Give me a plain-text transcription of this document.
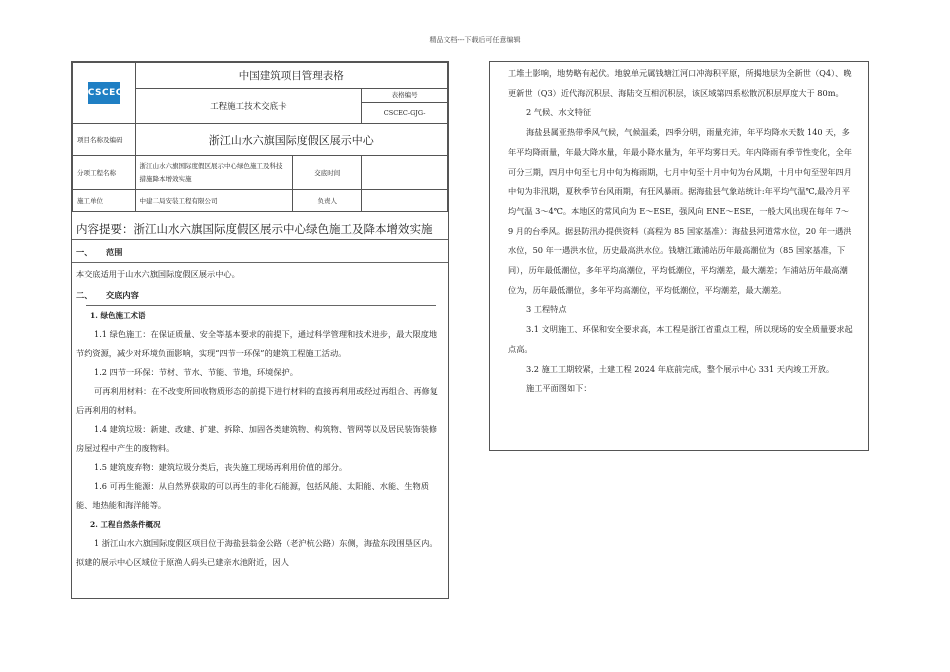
精品文档---下载后可任意编辑
CSCEC	中国建筑项目管理表格		
	工程施工技术交底卡		表格编号
CSCEC-GJG-

项目名称及编码	浙江山水六旗国际度假区展示中心		
分项工程名称	浙江山水六旗国际度假区展示中心绿色施工及科技措施降本增效实施	交底时间	
施工单位	中建二局安装工程有限公司	负责人	
内容提要：浙江山水六旗国际度假区展示中心绿色施工及降本增效实施
一、 范围
本交底适用于山水六旗国际度假区展示中心。
二、 交底内容
1. 绿色施工术语
1.1 绿色施工：在保证质量、安全等基本要求的前提下，通过科学管理和技术进步，最大限度地节约资源，减少对环境负面影响，实现“四节一环保”的建筑工程施工活动。
1.2 四节一环保：节材、节水、节能、节地，环境保护。
可再利用材料：在不改变所回收物质形态的前提下进行材料的直接再利用或经过再组合、再修复后再利用的材料。
1.4 建筑垃圾：新建、改建、扩建、拆除、加固各类建筑物、构筑物、管网等以及居民装饰装修房屋过程中产生的废物料。
1.5 建筑废弃物：建筑垃圾分类后，丧失施工现场再利用价值的部分。
1.6 可再生能源：从自然界获取的可以再生的非化石能源，包括风能、太阳能、水能、生物质能、地热能和海洋能等。
2. 工程自然条件概况
1 浙江山水六旗国际度假区项目位于海盐县翁金公路（老沪杭公路）东侧，海盐东段围垦区内。拟建的展示中心区域位于原渔人码头已建亲水池附近，因人
工堆土影响，地势略有起伏。地貌单元属钱塘江河口冲海积平原，所揭地层为全新世（Q4）、晚更新世（Q3）近代海沉积层、海陆交互相沉积层，该区域第四系松散沉积层厚度大于 80m。
2 气候、水文特征
海盐县属亚热带季风气候，气候温柔，四季分明，雨量充沛，年平均降水天数 140 天，多年平均降雨量，年最大降水量，年最小降水量为，年平均雾日天。年内降雨有季节性变化，全年可分三期，四月中旬至七月中旬为梅雨期，七月中旬至十月中旬为台风期，十月中旬至翌年四月中旬为非汛期，夏秋季节台风雨期，有狂风暴雨。据海盐县气象站统计:年平均气温℃,最冷月平均气温 3～4℃。本地区的常风向为 E～ESE，强风向 ENE～ESE，一般大风出现在每年 7～9 月的台季风。据县防汛办提供资料（高程为 85 国家基准）：海盐县河道常水位，20 年一遇洪水位，50 年一遇洪水位，历史最高洪水位。钱塘江澉浦站历年最高潮位为（85 国家基准，下同），历年最低潮位，多年平均高潮位，平均低潮位，平均潮差，最大潮差；乍浦站历年最高潮位为，历年最低潮位，多年平均高潮位，平均低潮位，平均潮差，最大潮差。
3 工程特点
3.1 文明施工、环保和安全要求高，本工程是浙江省重点工程，所以现场的安全质量要求起点高。
3.2 施工工期较紧，土建工程 2024 年底前完成，整个展示中心 331 天内竣工开放。
施工平面图如下：
